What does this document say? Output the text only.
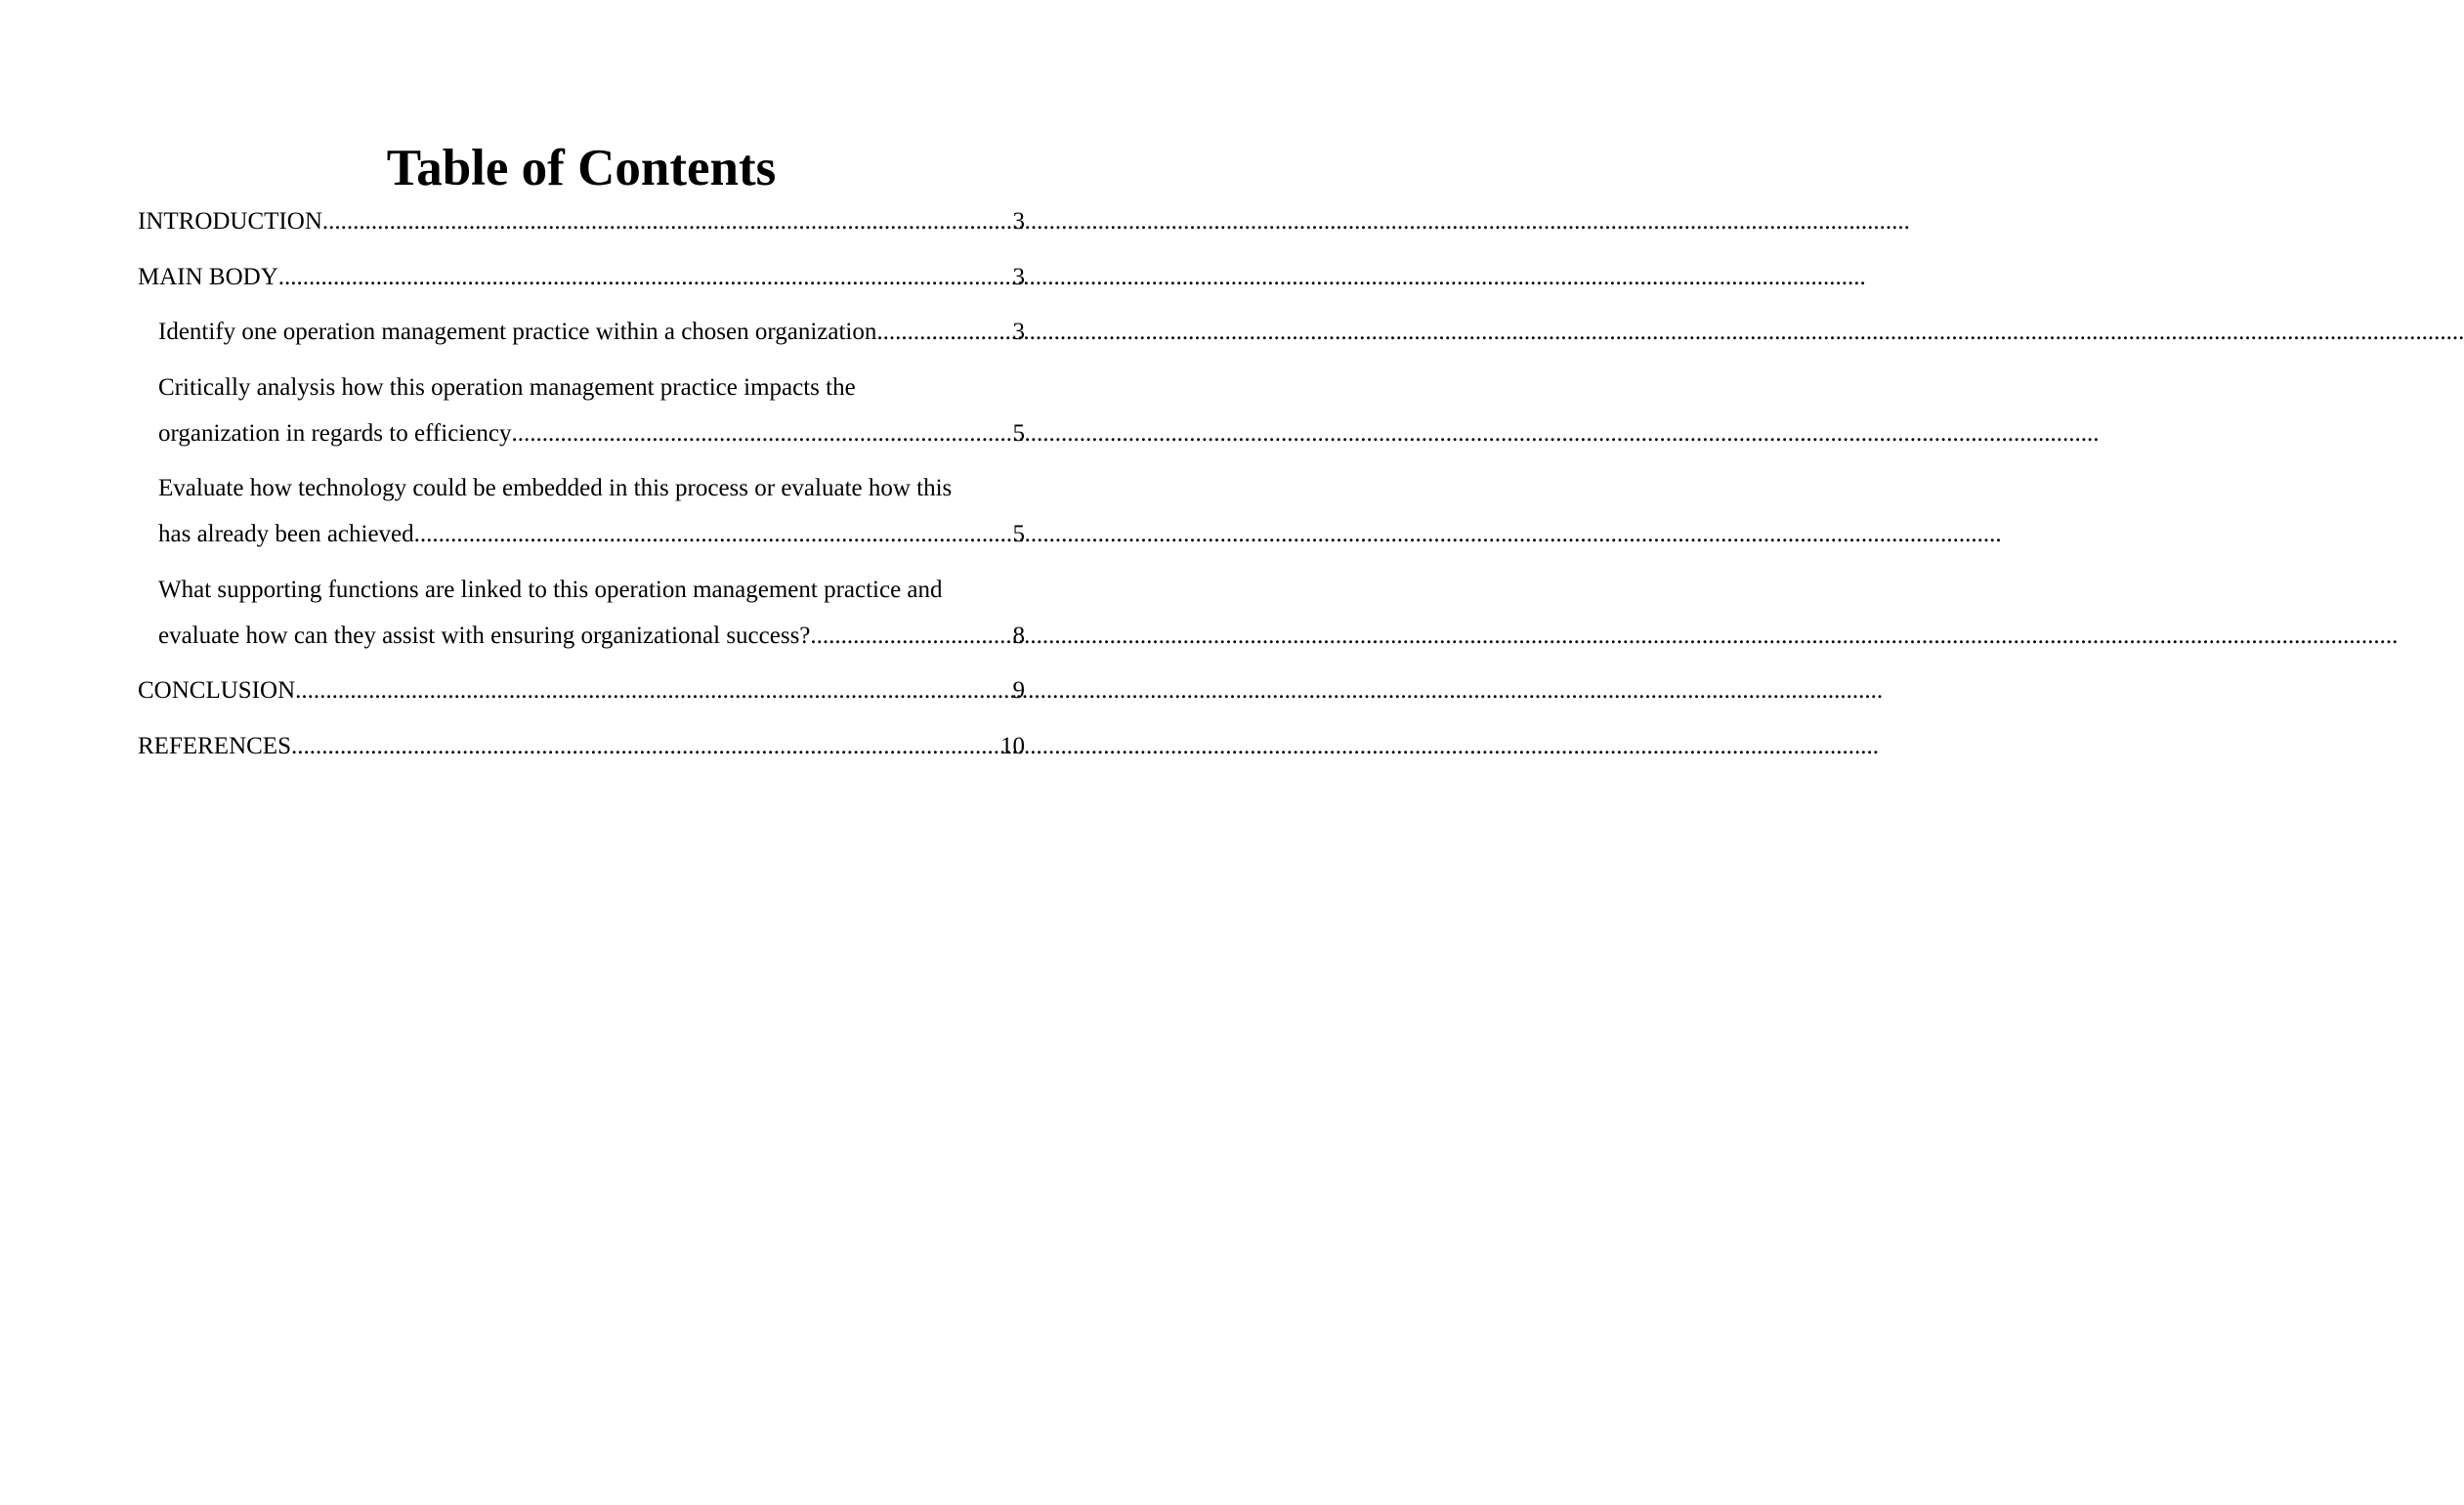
Table of Contents
INTRODUCTION .....	3
MAIN BODY .....	3
Identify one operation management practice within a chosen organization .....	3
Critically analysis how this operation management practice impacts the
organization in regards to efficiency .....	5
Evaluate how technology could be embedded in this process or evaluate how this
has already been achieved .....	5
What supporting functions are linked to this operation management practice and
evaluate how can they assist with ensuring organizational success? .....	8
CONCLUSION .....	9
REFERENCES .....	10
